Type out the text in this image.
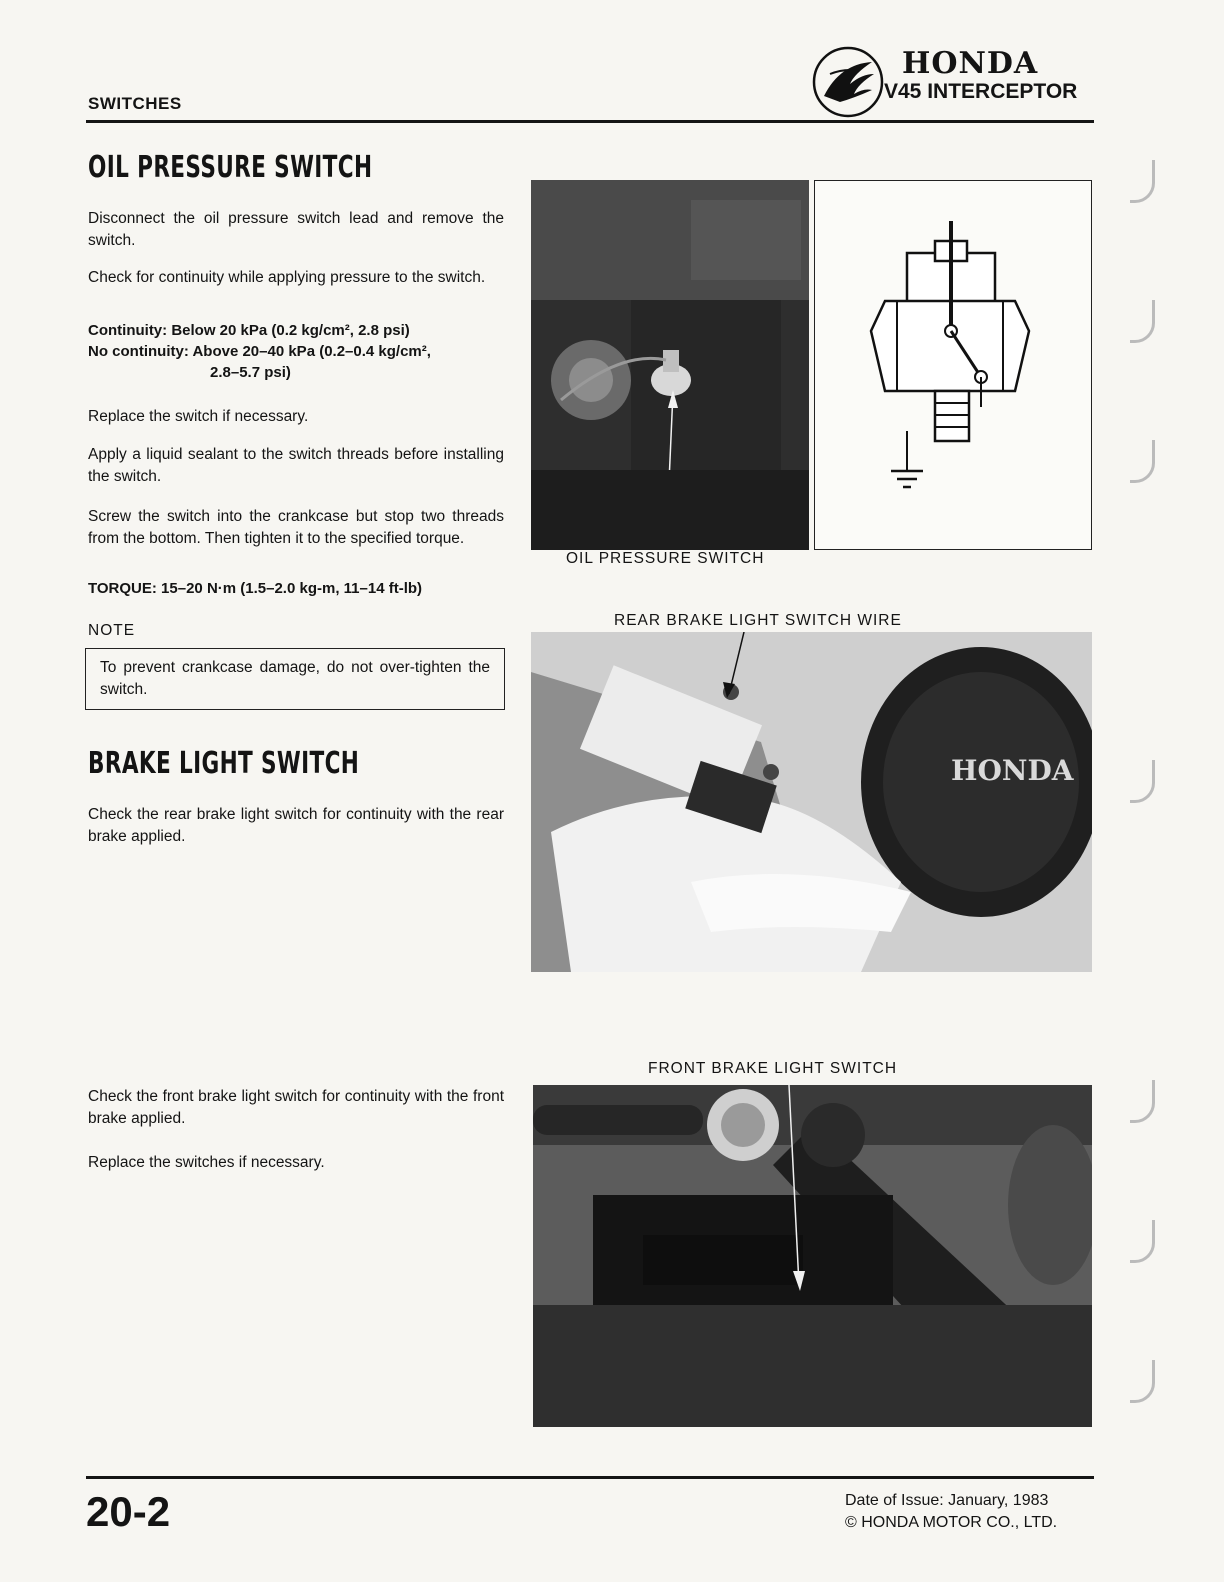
SWITCHES
HONDA
V45 INTERCEPTOR
OIL PRESSURE SWITCH
Disconnect the oil pressure switch lead and remove the switch.
Check for continuity while applying pressure to the switch.
Continuity: Below 20 kPa (0.2 kg/cm², 2.8 psi)
No continuity: Above 20–40 kPa (0.2–0.4 kg/cm²,
2.8–5.7 psi)
Replace the switch if necessary.
Apply a liquid sealant to the switch threads before installing the switch.
Screw the switch into the crankcase but stop two threads from the bottom. Then tighten it to the specified torque.
TORQUE: 15–20 N·m (1.5–2.0 kg-m, 11–14 ft-lb)
NOTE
To prevent crankcase damage, do not over-tighten the switch.
OIL PRESSURE SWITCH
BRAKE LIGHT SWITCH
Check the rear brake light switch for continuity with the rear brake applied.
REAR BRAKE LIGHT SWITCH WIRE
HONDA
FRONT BRAKE LIGHT SWITCH
Check the front brake light switch for continuity with the front brake applied.
Replace the switches if necessary.
20-2	Date of Issue: January, 1983
© HONDA MOTOR CO., LTD.
